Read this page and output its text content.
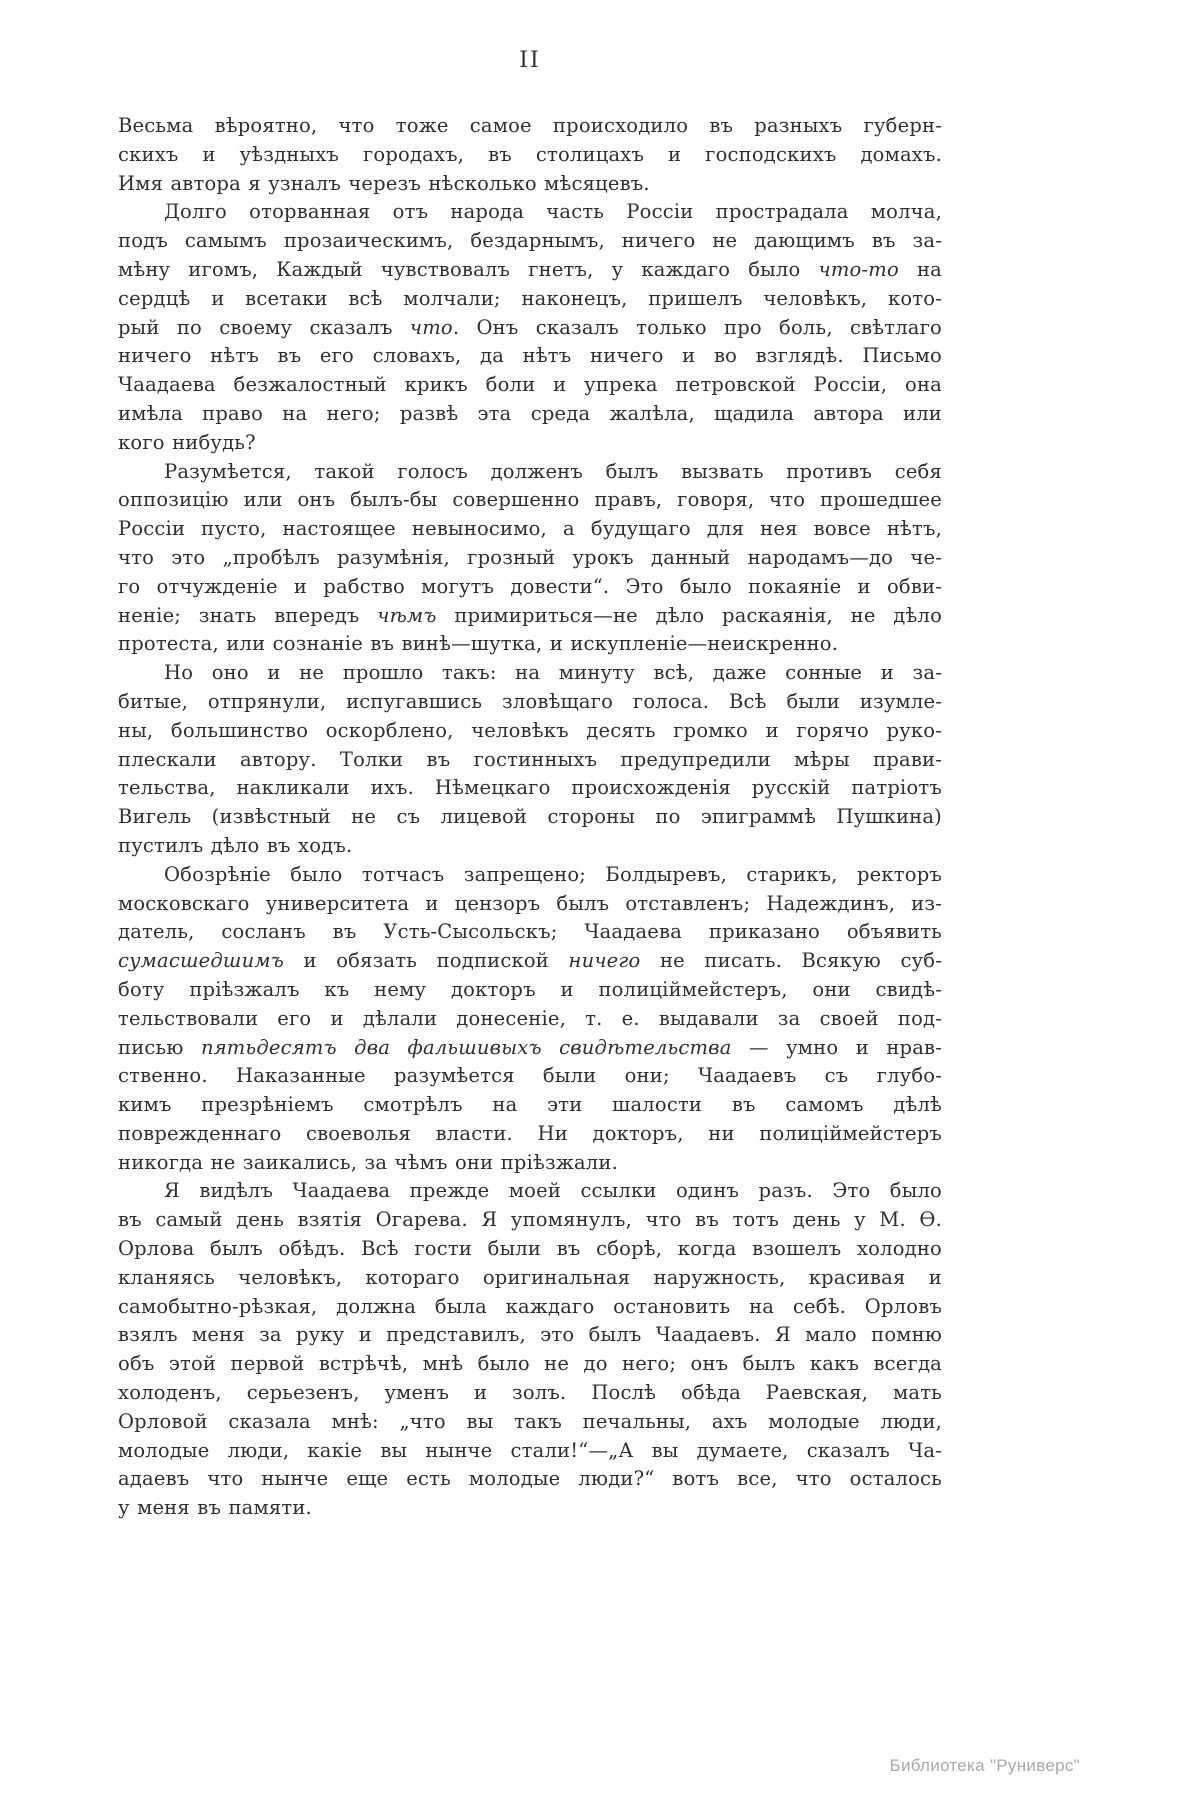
II
Весьма вѣроятно, что тоже самое происходило въ разныхъ губерн-
скихъ и уѣздныхъ городахъ, въ столицахъ и господскихъ домахъ.
Имя автора я узналъ черезъ нѣсколько мѣсяцевъ.
Долго оторванная отъ народа часть Россіи прострадала молча,
подъ самымъ прозаическимъ, бездарнымъ, ничего не дающимъ въ за-
мѣну игомъ, Каждый чувствовалъ гнетъ, у каждаго было что-то на
сердцѣ и всетаки всѣ молчали; наконецъ, пришелъ человѣкъ, кото-
рый по своему сказалъ что. Онъ сказалъ только про боль, свѣтлаго
ничего нѣтъ въ его словахъ, да нѣтъ ничего и во взглядѣ. Письмо
Чаадаева безжалостный крикъ боли и упрека петровской Россіи, она
имѣла право на него; развѣ эта среда жалѣла, щадила автора или
кого нибудь?
Разумѣется, такой голосъ долженъ былъ вызвать противъ себя
оппозицію или онъ былъ-бы совершенно правъ, говоря, что прошедшее
Россіи пусто, настоящее невыносимо, а будущаго для нея вовсе нѣтъ,
что это „пробѣлъ разумѣнія, грозный урокъ данный народамъ—до че-
го отчужденіе и рабство могутъ довести“. Это было покаяніе и обви-
неніе; знать впередъ чѣмъ примириться—не дѣло раскаянія, не дѣло
протеста, или сознаніе въ винѣ—шутка, и искупленіе—неискренно.
Но оно и не прошло такъ: на минуту всѣ, даже сонные и за-
битые, отпрянули, испугавшись зловѣщаго голоса. Всѣ были изумле-
ны, большинство оскорблено, человѣкъ десять громко и горячо руко-
плескали автору. Толки въ гостинныхъ предупредили мѣры прави-
тельства, накликали ихъ. Нѣмецкаго происхожденія русскій патріотъ
Вигель (извѣстный не съ лицевой стороны по эпиграммѣ Пушкина)
пустилъ дѣло въ ходъ.
Обозрѣніе было тотчасъ запрещено; Болдыревъ, старикъ, ректоръ
московскаго университета и цензоръ былъ отставленъ; Надеждинъ, из-
датель, сосланъ въ Усть-Сысольскъ; Чаадаева приказано объявить
сумасшедшимъ и обязать подпиской ничего не писать. Всякую суб-
боту пріѣзжалъ къ нему докторъ и полиціймейстеръ, они свидѣ-
тельствовали его и дѣлали донесеніе, т. е. выдавали за своей под-
писью пятьдесятъ два фальшивыхъ свидѣтельства — умно и нрав-
ственно. Наказанные разумѣется были они; Чаадаевъ съ глубо-
кимъ презрѣніемъ смотрѣлъ на эти шалости въ самомъ дѣлѣ
поврежденнаго своеволья власти. Ни докторъ, ни полиціймейстеръ
никогда не заикались, за чѣмъ они пріѣзжали.
Я видѣлъ Чаадаева прежде моей ссылки одинъ разъ. Это было
въ самый день взятія Огарева. Я упомянулъ, что въ тотъ день у М. Ѳ.
Орлова былъ обѣдъ. Всѣ гости были въ сборѣ, когда взошелъ холодно
кланяясь человѣкъ, котораго оригинальная наружность, красивая и
самобытно-рѣзкая, должна была каждаго остановить на себѣ. Орловъ
взялъ меня за руку и представилъ, это былъ Чаадаевъ. Я мало помню
объ этой первой встрѣчѣ, мнѣ было не до него; онъ былъ какъ всегда
холоденъ, серьезенъ, уменъ и золъ. Послѣ обѣда Раевская, мать
Орловой сказала мнѣ: „что вы такъ печальны, ахъ молодые люди,
молодые люди, какіе вы нынче стали!“—„А вы думаете, сказалъ Ча-
адаевъ что нынче еще есть молодые люди?“ вотъ все, что осталось
у меня въ памяти.
Библиотека "Руниверс"
